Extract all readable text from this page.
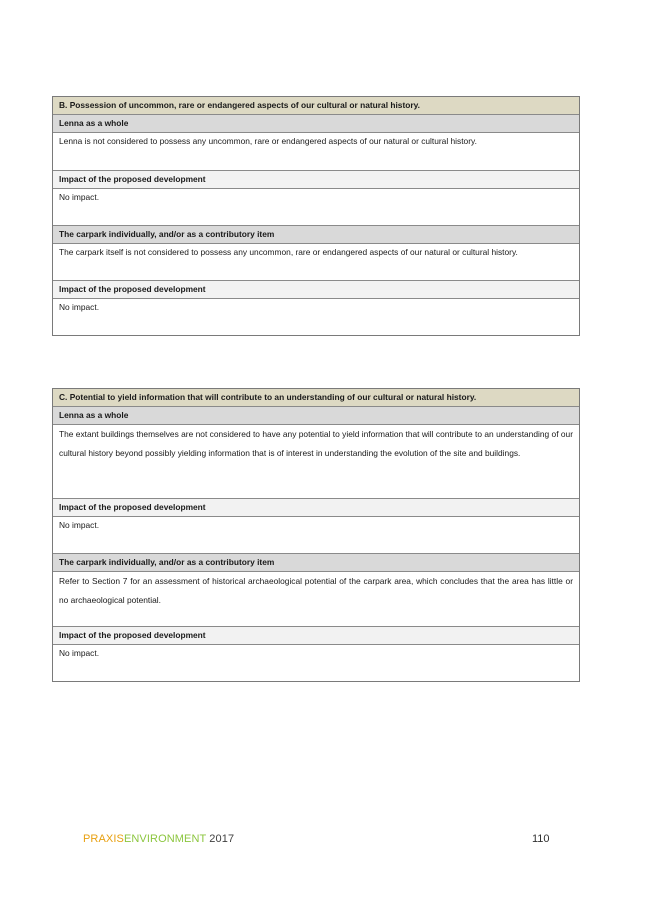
B. Possession of uncommon, rare or endangered aspects of our cultural or natural history.
Lenna as a whole
Lenna is not considered to possess any uncommon, rare or endangered aspects of our natural or cultural history.
Impact of the proposed development
No impact.
The carpark individually, and/or as a contributory item
The carpark itself is not considered to possess any uncommon, rare or endangered aspects of our natural or cultural history.
Impact of the proposed development
No impact.
C. Potential to yield information that will contribute to an understanding of our cultural or natural history.
Lenna as a whole
The extant buildings themselves are not considered to have any potential to yield information that will contribute to an understanding of our cultural history beyond possibly yielding information that is of interest in understanding the evolution of the site and buildings.
Impact of the proposed development
No impact.
The carpark individually, and/or as a contributory item
Refer to Section 7 for an assessment of historical archaeological potential of the carpark area, which concludes that the area has little or no archaeological potential.
Impact of the proposed development
No impact.
PRAXISENVIRONMENT 2017	110
